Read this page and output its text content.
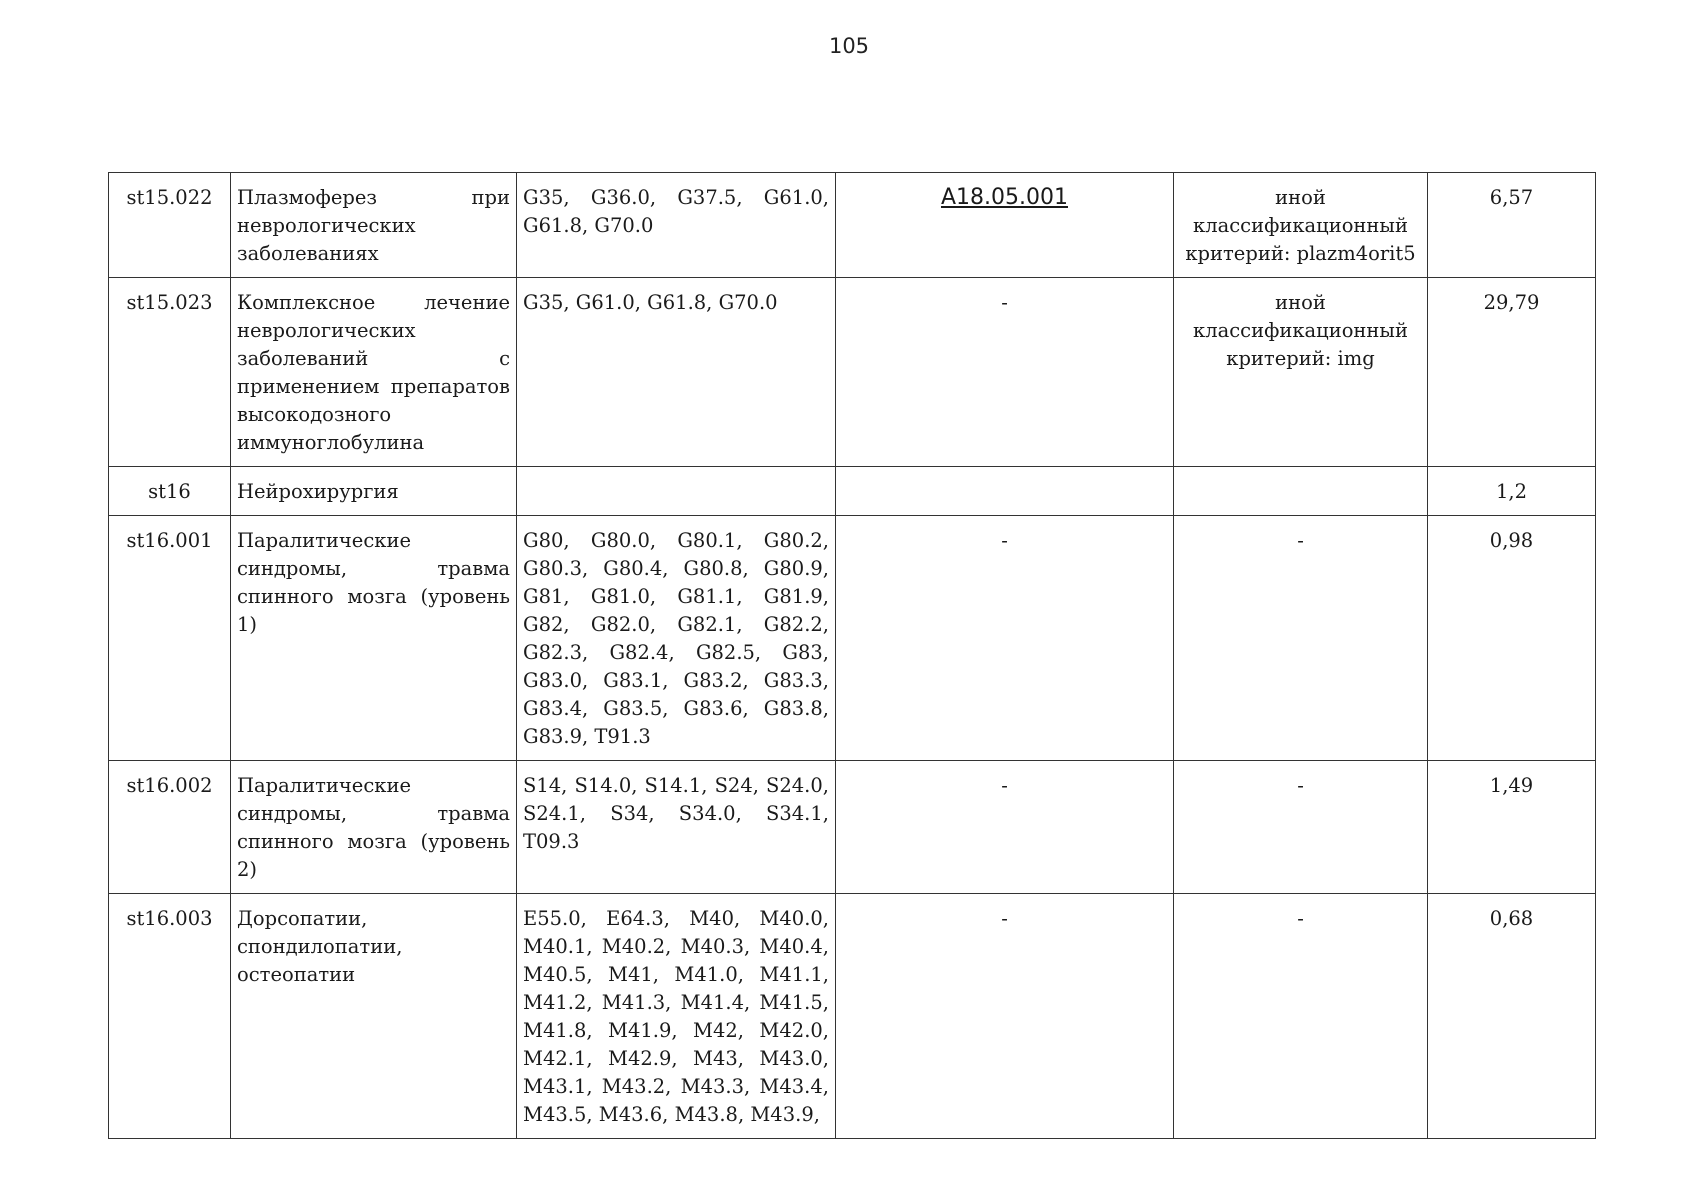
105
st15.022	Плазмоферез при неврологических заболеваниях	G35, G36.0, G37.5, G61.0, G61.8, G70.0	A18.05.001	иной классификационный критерий: plazm4orit5	6,57
st15.023	Комплексное лечение неврологических заболеваний с применением препаратов высокодозного иммуноглобулина	G35, G61.0, G61.8, G70.0	-	иной классификационный критерий: img	29,79
st16	Нейрохирургия				1,2
st16.001	Паралитические синдромы, травма спинного мозга (уровень 1)	G80, G80.0, G80.1, G80.2, G80.3, G80.4, G80.8, G80.9, G81, G81.0, G81.1, G81.9, G82, G82.0, G82.1, G82.2, G82.3, G82.4, G82.5, G83, G83.0, G83.1, G83.2, G83.3, G83.4, G83.5, G83.6, G83.8, G83.9, T91.3	-	-	0,98
st16.002	Паралитические синдромы, травма спинного мозга (уровень 2)	S14, S14.0, S14.1, S24, S24.0, S24.1, S34, S34.0, S34.1, T09.3	-	-	1,49
st16.003	Дорсопатии, спондилопатии, остеопатии	E55.0, E64.3, M40, M40.0, M40.1, M40.2, M40.3, M40.4, M40.5, M41, M41.0, M41.1, M41.2, M41.3, M41.4, M41.5, M41.8, M41.9, M42, M42.0, M42.1, M42.9, M43, M43.0, M43.1, M43.2, M43.3, M43.4, M43.5, M43.6, M43.8, M43.9,	-	-	0,68
